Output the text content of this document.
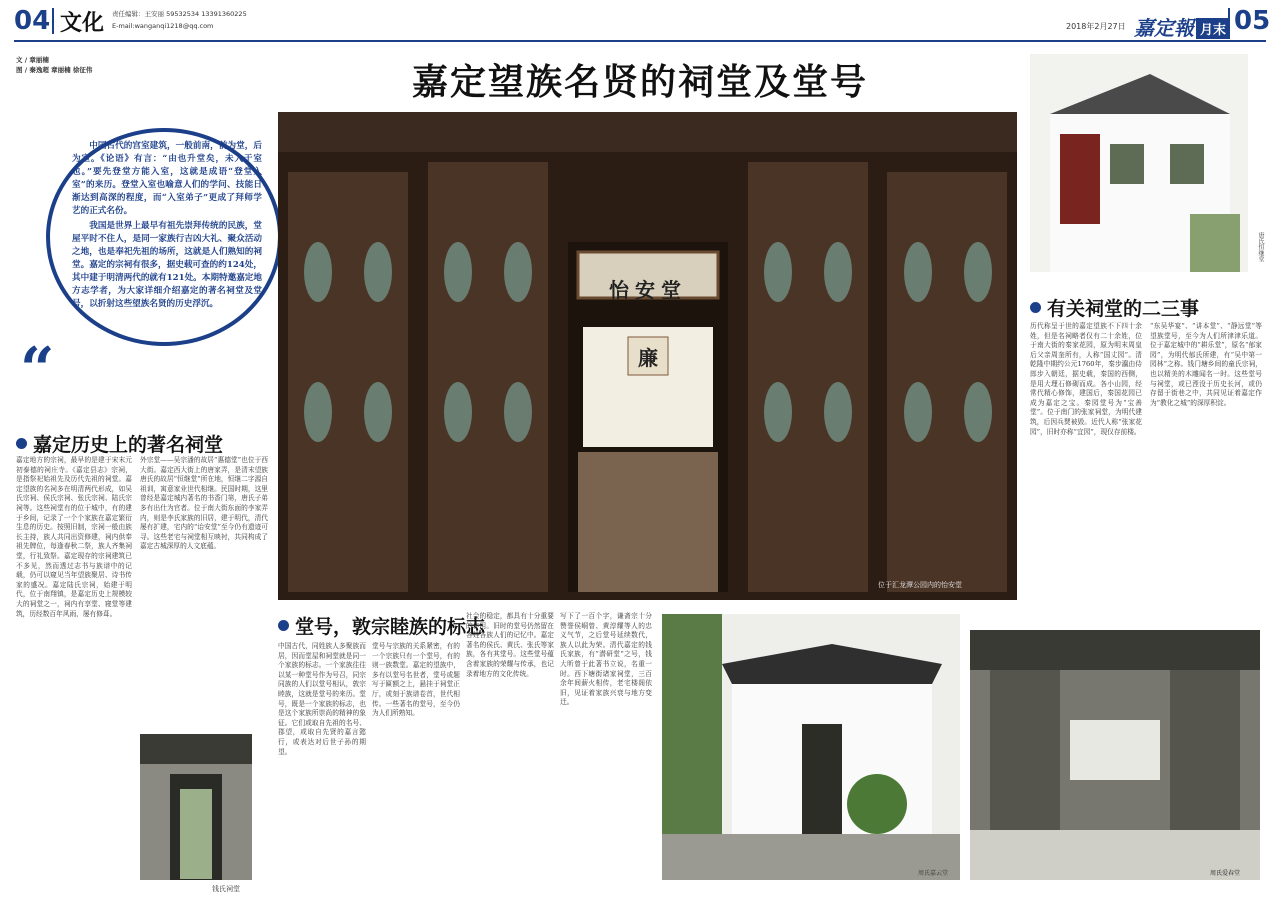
04 文化 责任编辑：王安丽 59532534 13391360225
E-mail:wanganqi1218@qq.com	2018年2月27日 嘉定報 月末 05
文 / 章丽楠
图 / 秦逸超 章丽楠 徐征伟	嘉定望族名贤的祠堂及堂号

中国古代的宫室建筑，一般前南，前为堂，后为室。《论语》有言：“由也升堂矣，未入于室也。”要先登堂方能入室，这就是成语“登堂入室”的来历。登堂入室也喻意人们的学问、技能日渐达到高深的程度，而“入室弟子”更成了拜师学艺的正式名份。

我国是世界上最早有祖先崇拜传统的民族，堂屋平时不住人，是同一家族行吉凶大礼、聚众活动之地，也是奉祀先祖的场所，这就是人们熟知的祠堂。嘉定的宗祠有很多，据史载可查的约124处，其中建于明清两代的就有121处。本期特邀嘉定地方志学者，为大家详细介绍嘉定的著名祠堂及堂号，以折射这些望族名贤的历史浮沉。

“
怡安堂
廉
位于汇龙潭公园内的怡安堂
唐氏恒继堂
嘉定历史上的著名祠堂
嘉定地方的宗祠，最早的是建于宋末元初泰德的祠庄寺。《嘉定县志》宗祠，是指祭祀始祖先及历代先祖的祠堂。嘉定望族的名祠多在明清两代形成，如吴氏宗祠、侯氏宗祠、张氏宗祠、陆氏宗祠等。这些祠堂有的位于城中，有的建于乡间，记录了一个个家族在嘉定繁衍生息的历史。按照旧制，宗祠一般由族长主持，族人共同出资修建，祠内供奉祖先牌位，每逢春秋二祭，族人齐集祠堂，行礼致祭。嘉定现存的宗祠建筑已不多见，然而透过志书与族谱中的记载，仍可以窥见当年望族聚居、诗书传家的盛况。嘉定陆氏宗祠，始建于明代，位于南翔镇，是嘉定历史上规模较大的祠堂之一，祠内有享堂、寝堂等建筑，历经数百年风雨，屡有修葺。
外宗堂——吴宗潘的故居“惠德堂”也位于西大街。嘉定西大街上的唐家弄，是清末望族唐氏的故居“恒继堂”所在地，恒继二字源自祖训，寓意家业世代相继。民国时期，这里曾经是嘉定城内著名的书香门第，唐氏子弟多有出仕为官者。位于南大街东面的李家弄内，则是李氏家族的旧居，建于明代，清代屡有扩建，宅内的“诒安堂”至今仍有遗迹可寻。这些老宅与祠堂相互映衬，共同构成了嘉定古城深厚的人文底蕴。
钱氏祠堂
堂号，敦宗睦族的标志
中国古代，同姓族人多聚族而居，因而堂屋和祠堂就是同一个家族的标志。一个家族往往以某一种堂号作为号召，同宗同族的人们以堂号相认，敦宗睦族，这就是堂号的来历。堂号，既是一个家族的标志，也是这个家族所崇尚的精神的象征。它们或取自先祖的名号、郡望，或取自先贤的嘉言懿行，或表达对后世子孙的期望。
堂号与宗族的关系紧密，有的一个宗族只有一个堂号，有的则一族数堂。嘉定的望族中，多有以堂号名世者，堂号或题写于匾额之上，悬挂于祠堂正厅，或刻于族谱卷首，世代相传。一些著名的堂号，至今仍为人们所熟知。
社会的稳定，都具有十分重要的作用。旧时的堂号仍然留在各姓各族人们的记忆中。嘉定著名的侯氏、黄氏、张氏等家族，各有其堂号。这些堂号蕴含着家族的荣耀与传承，也记录着地方的文化传统。
写下了一百个字，谦斋宗十分赞誉侯峒曾、黄淳耀等人的忠义气节，之后堂号延续数代，族人以此为荣。清代嘉定的钱氏家族，有“潜研堂”之号，钱大昕曾于此著书立说，名重一时。西下塘街诸家祠堂，三百余年间薪火相传，老宅楼阁依旧，见证着家族兴衰与地方变迁。
周氏嘉云堂	周氏爱春堂
有关祠堂的二三事
历代称呈于世的嘉定望族不下四十余姓，但是名祠略者仅有二十余姓，位于南大街的秦家花园，原为明末周皇后父亲周奎所有，人称“国丈园”。清乾隆中期约公元1760年，秦步瀛由侍郎步入朝廷，据史载，秦国的西侧，是用大理石修砌而成。各小山园，经常代精心修饰，建国后，秦国花园已成为嘉定之宝。秦园堂号为“宝善堂”。位于南门的张家祠堂，为明代建筑，后因兵燹被毁。近代人称“张家花园”，旧时亦称“宜园”，现仅存前楼。
“东吴华宴”、“讲本堂”、“静远堂”等望族堂号，至今为人们所津津乐道。位于嘉定城中的“耕乐堂”，原名“郁家园”，为明代郁氏所建，有“吴中第一园林”之称。钱门塘乡间的童氏宗祠，也以精美的木雕闻名一时。这些堂号与祠堂，或已湮没于历史长河，或仍存留于街巷之中，共同见证着嘉定作为“教化之城”的深厚积淀。
